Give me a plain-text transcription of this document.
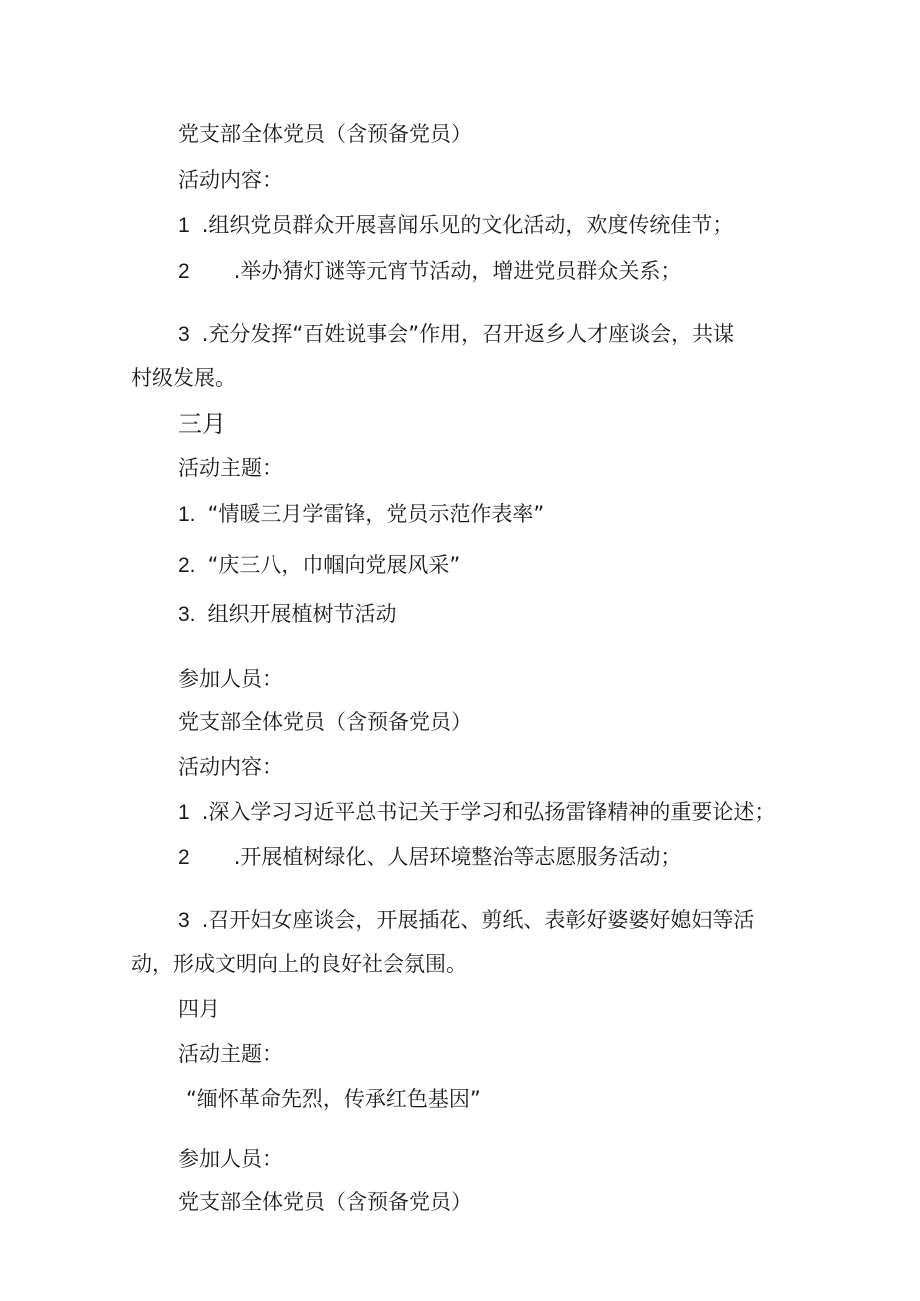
党支部全体党员（含预备党员）
活动内容：
1 .组织党员群众开展喜闻乐见的文化活动，欢度传统佳节；
2 .举办猜灯谜等元宵节活动，增进党员群众关系；
3 .充分发挥“百姓说事会”作用，召开返乡人才座谈会，共谋
村级发展。
三月
活动主题：
1. “情暖三月学雷锋，党员示范作表率”
2. “庆三八，巾帼向党展风采”
3. 组织开展植树节活动
参加人员：
党支部全体党员（含预备党员）
活动内容：
1 .深入学习习近平总书记关于学习和弘扬雷锋精神的重要论述；
2 .开展植树绿化、人居环境整治等志愿服务活动；
3 .召开妇女座谈会，开展插花、剪纸、表彰好婆婆好媳妇等活
动，形成文明向上的良好社会氛围。
四月
活动主题：
“缅怀革命先烈，传承红色基因”
参加人员：
党支部全体党员（含预备党员）
